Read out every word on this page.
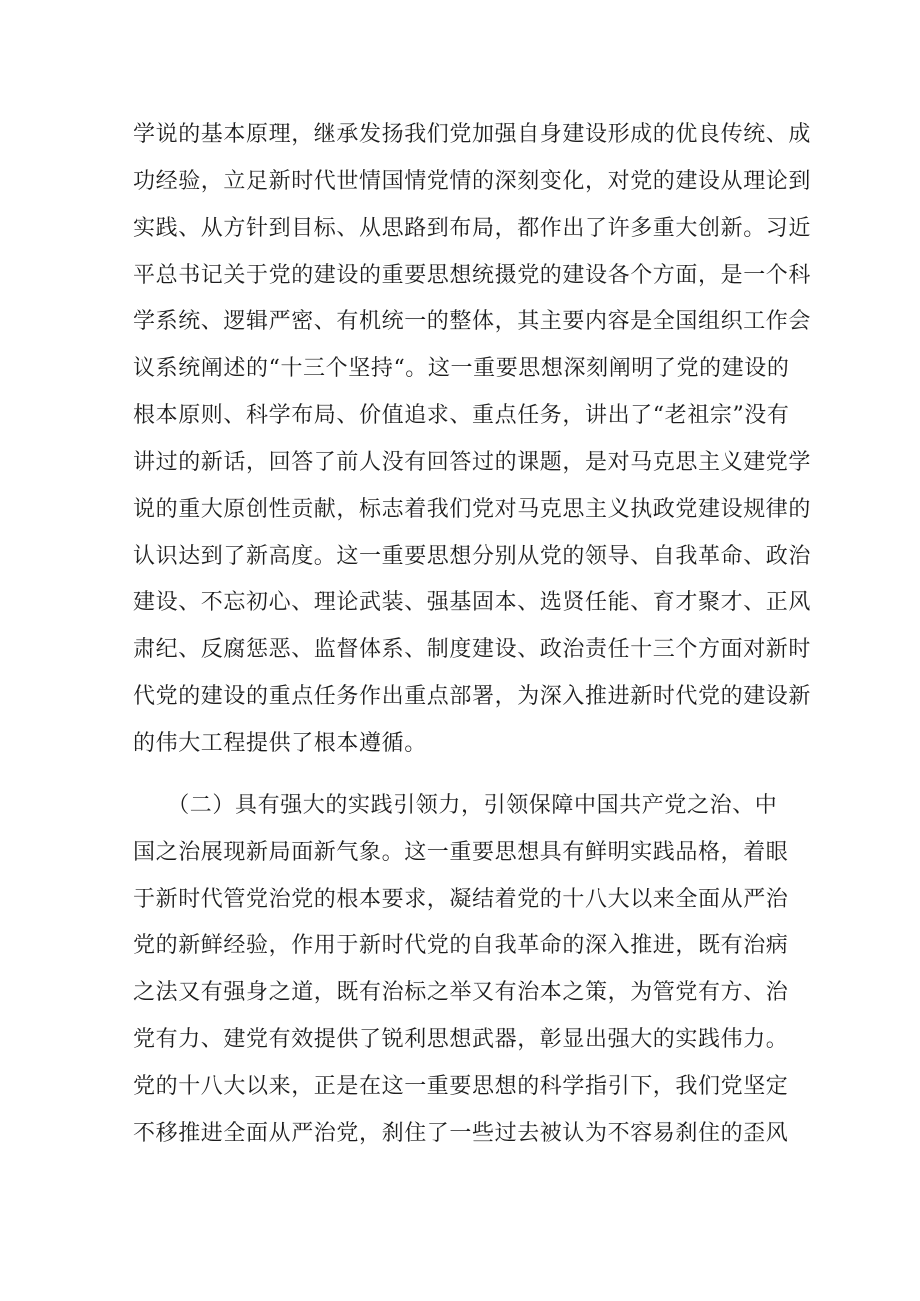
学说的基本原理，继承发扬我们党加强自身建设形成的优良传统、成
功经验，立足新时代世情国情党情的深刻变化，对党的建设从理论到
实践、从方针到目标、从思路到布局，都作出了许多重大创新。习近
平总书记关于党的建设的重要思想统摄党的建设各个方面，是一个科
学系统、逻辑严密、有机统一的整体，其主要内容是全国组织工作会
议系统阐述的“十三个坚持“。这一重要思想深刻阐明了党的建设的
根本原则、科学布局、价值追求、重点任务，讲出了“老祖宗”没有
讲过的新话，回答了前人没有回答过的课题，是对马克思主义建党学
说的重大原创性贡献，标志着我们党对马克思主义执政党建设规律的
认识达到了新高度。这一重要思想分别从党的领导、自我革命、政治
建设、不忘初心、理论武装、强基固本、选贤任能、育才聚才、正风
肃纪、反腐惩恶、监督体系、制度建设、政治责任十三个方面对新时
代党的建设的重点任务作出重点部署，为深入推进新时代党的建设新
的伟大工程提供了根本遵循。
　　（二）具有强大的实践引领力，引领保障中国共产党之治、中
国之治展现新局面新气象。这一重要思想具有鲜明实践品格，着眼
于新时代管党治党的根本要求，凝结着党的十八大以来全面从严治
党的新鲜经验，作用于新时代党的自我革命的深入推进，既有治病
之法又有强身之道，既有治标之举又有治本之策，为管党有方、治
党有力、建党有效提供了锐利思想武器，彰显出强大的实践伟力。
党的十八大以来，正是在这一重要思想的科学指引下，我们党坚定
不移推进全面从严治党，刹住了一些过去被认为不容易刹住的歪风
